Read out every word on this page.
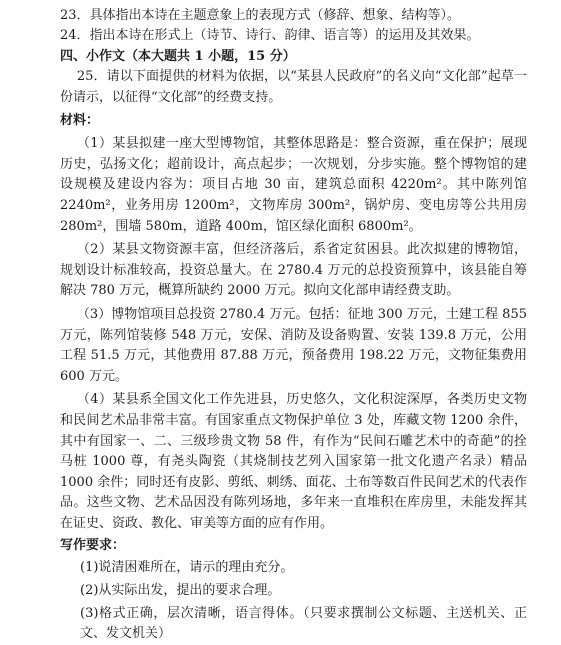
23．具体指出本诗在主题意象上的表现方式（修辞、想象、结构等）。
24．指出本诗在形式上（诗节、诗行、韵律、语言等）的运用及其效果。
四、小作文（本大题共 1 小题，15 分）
25．请以下面提供的材料为依据，以“某县人民政府”的名义向“文化部”起草一份请示，以征得“文化部”的经费支持。
材料：
（1）某县拟建一座大型博物馆，其整体思路是：整合资源，重在保护；展现历史，弘扬文化；超前设计，高点起步；一次规划，分步实施。整个博物馆的建设规模及建设内容为：项目占地 30 亩，建筑总面积 4220m²。其中陈列馆 2240m²，业务用房 1200m²，文物库房 300m²，锅炉房、变电房等公共用房 280m²，围墙 580m，道路 400m，馆区绿化面积 6800m²。
（2）某县文物资源丰富，但经济落后，系省定贫困县。此次拟建的博物馆，规划设计标准较高，投资总量大。在 2780.4 万元的总投资预算中，该县能自筹解决 780 万元，概算所缺约 2000 万元。拟向文化部申请经费支助。
（3）博物馆项目总投资 2780.4 万元。包括：征地 300 万元，土建工程 855 万元，陈列馆装修 548 万元，安保、消防及设备购置、安装 139.8 万元，公用工程 51.5 万元，其他费用 87.88 万元，预备费用 198.22 万元，文物征集费用 600 万元。
（4）某县系全国文化工作先进县，历史悠久，文化积淀深厚，各类历史文物和民间艺术品非常丰富。有国家重点文物保护单位 3 处，库藏文物 1200 余件，其中有国家一、二、三级珍贵文物 58 件，有作为“民间石雕艺术中的奇葩”的拴马桩 1000 尊，有尧头陶瓷（其烧制技艺列入国家第一批文化遗产名录）精品 1000 余件；同时还有皮影、剪纸、刺绣、面花、土布等数百件民间艺术的代表作品。这些文物、艺术品因没有陈列场地，多年来一直堆积在库房里，未能发挥其在证史、资政、教化、审美等方面的应有作用。
写作要求：
(1)说清困难所在，请示的理由充分。
(2)从实际出发，提出的要求合理。
(3)格式正确，层次清晰，语言得体。（只要求撰制公文标题、主送机关、正文、发文机关）
